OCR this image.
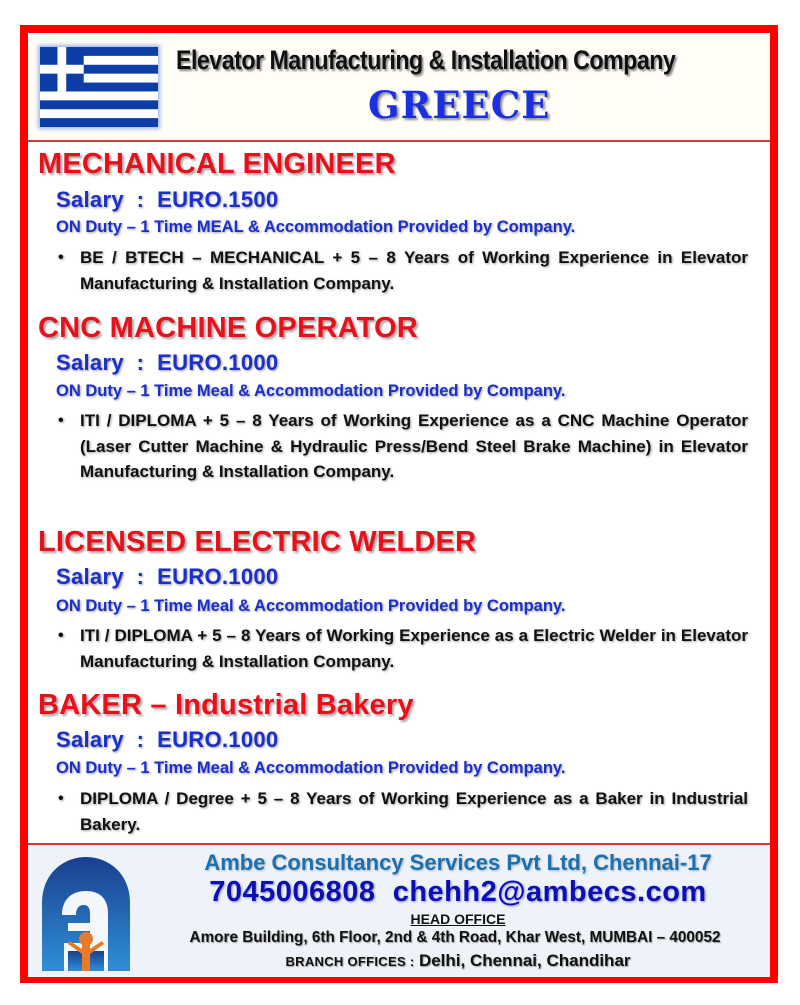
Elevator Manufacturing & Installation Company
GREECE
MECHANICAL ENGINEER
Salary  :  EURO.1500
ON Duty – 1 Time MEAL & Accommodation Provided by Company.
• BE / BTECH – MECHANICAL + 5 – 8 Years of Working Experience in Elevator Manufacturing & Installation Company.
CNC MACHINE OPERATOR
Salary  :  EURO.1000
ON Duty – 1 Time Meal & Accommodation Provided by Company.
• ITI / DIPLOMA + 5 – 8 Years of Working Experience as a CNC Machine Operator (Laser Cutter Machine & Hydraulic Press/Bend Steel Brake Machine) in Elevator Manufacturing & Installation Company.
LICENSED ELECTRIC WELDER
Salary  :  EURO.1000
ON Duty – 1 Time Meal & Accommodation Provided by Company.
• ITI / DIPLOMA + 5 – 8 Years of Working Experience as a Electric Welder in Elevator Manufacturing & Installation Company.
BAKER – Industrial Bakery
Salary  :  EURO.1000
ON Duty – 1 Time Meal & Accommodation Provided by Company.
• DIPLOMA / Degree + 5 – 8 Years of Working Experience as a Baker in Industrial Bakery.
Ambe Consultancy Services Pvt Ltd, Chennai-17
7045006808 chehh2@ambecs.com
HEAD OFFICE
Amore Building, 6th Floor, 2nd & 4th Road, Khar West, MUMBAI – 400052
BRANCH OFFICES : Delhi, Chennai, Chandihar
